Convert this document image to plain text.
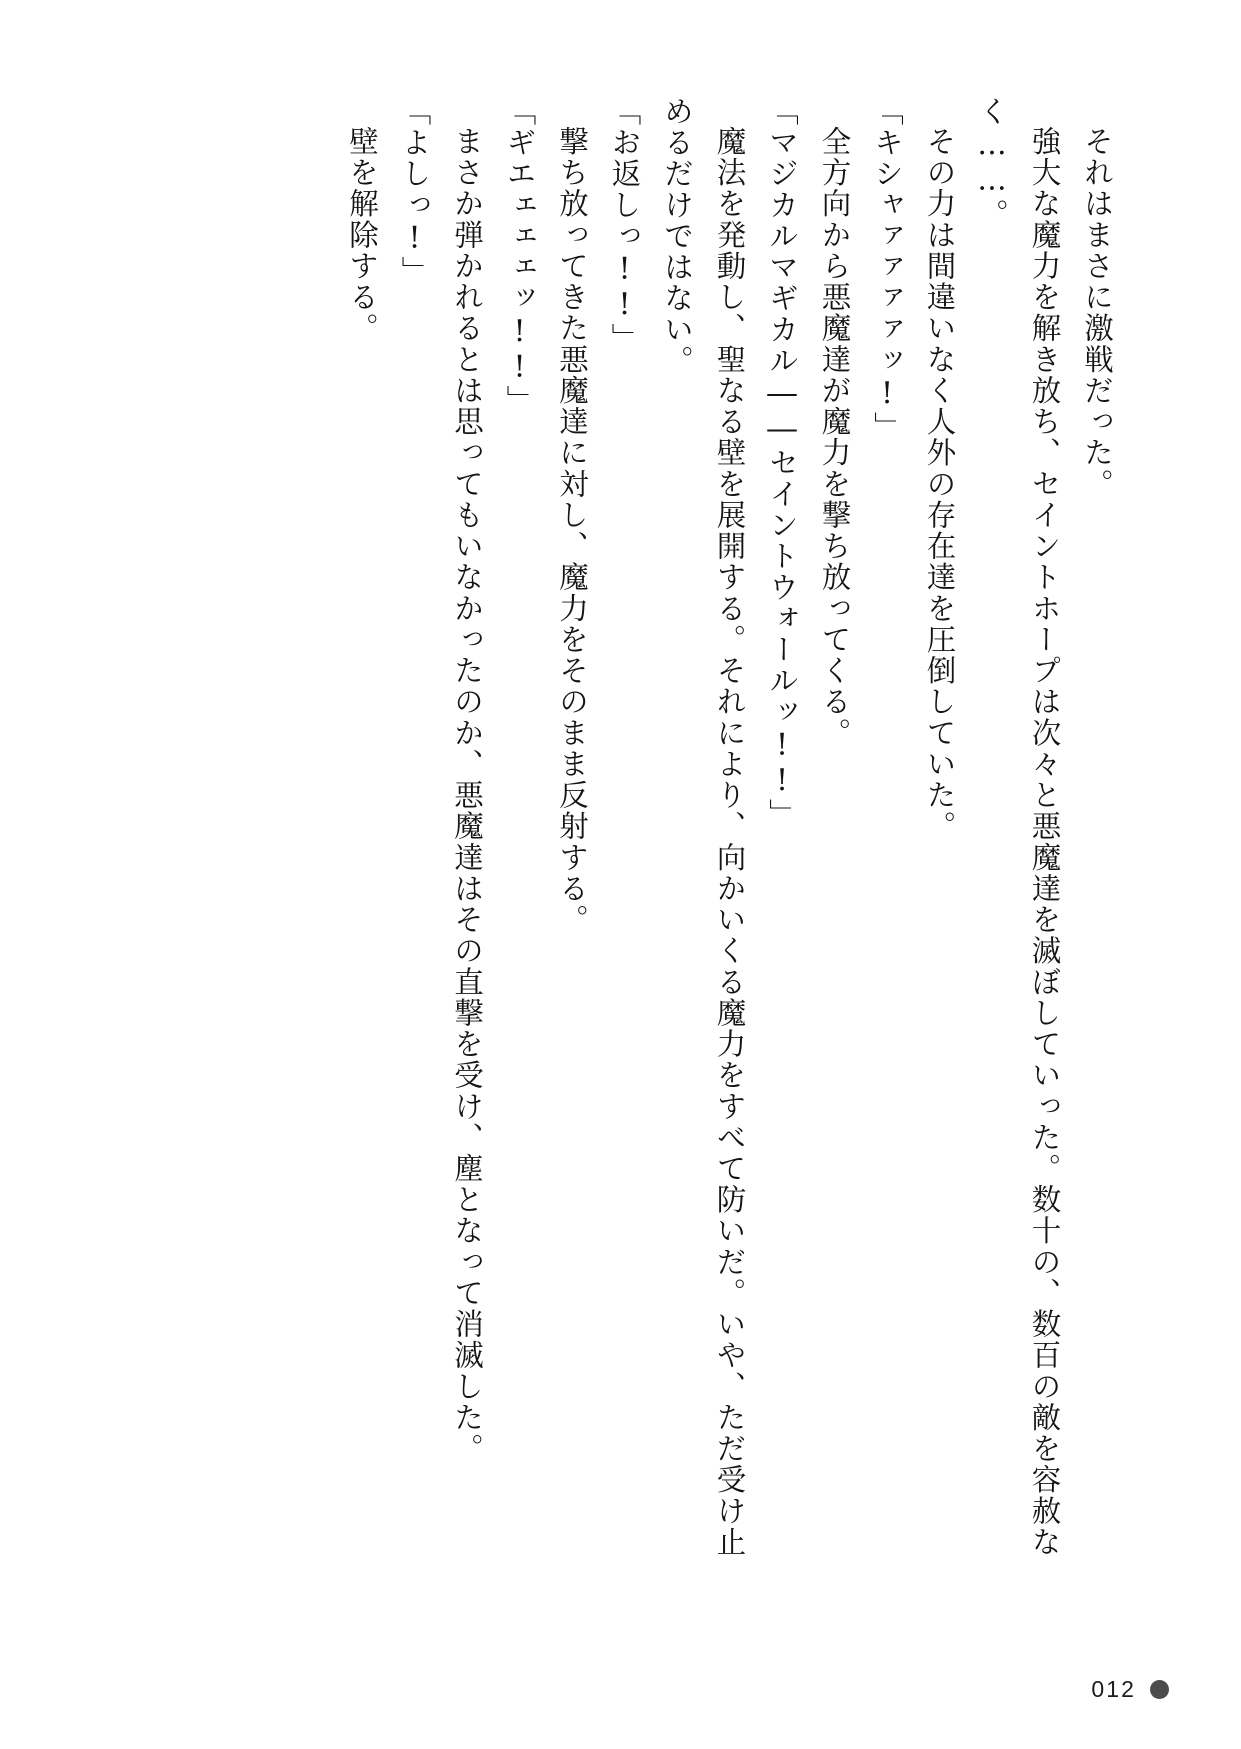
それはまさに激戦だった。

強大な魔力を解き放ち、セイントホープは次々と悪魔達を滅ぼしていった。数十の、数百の敵を容赦なく……。

その力は間違いなく人外の存在達を圧倒していた。

「キシャァァァァッ!」

全方向から悪魔達が魔力を撃ち放ってくる。

「マジカルマギカル――セイントウォールッ!!」

魔法を発動し、聖なる壁を展開する。それにより、向かいくる魔力をすべて防いだ。いや、ただ受け止めるだけではない。

「お返しっ!!」

撃ち放ってきた悪魔達に対し、魔力をそのまま反射する。

「ギエェェェッ!!」

まさか弾かれるとは思ってもいなかったのか、悪魔達はその直撃を受け、塵となって消滅した。

「よしっ!」

壁を解除する。

012
